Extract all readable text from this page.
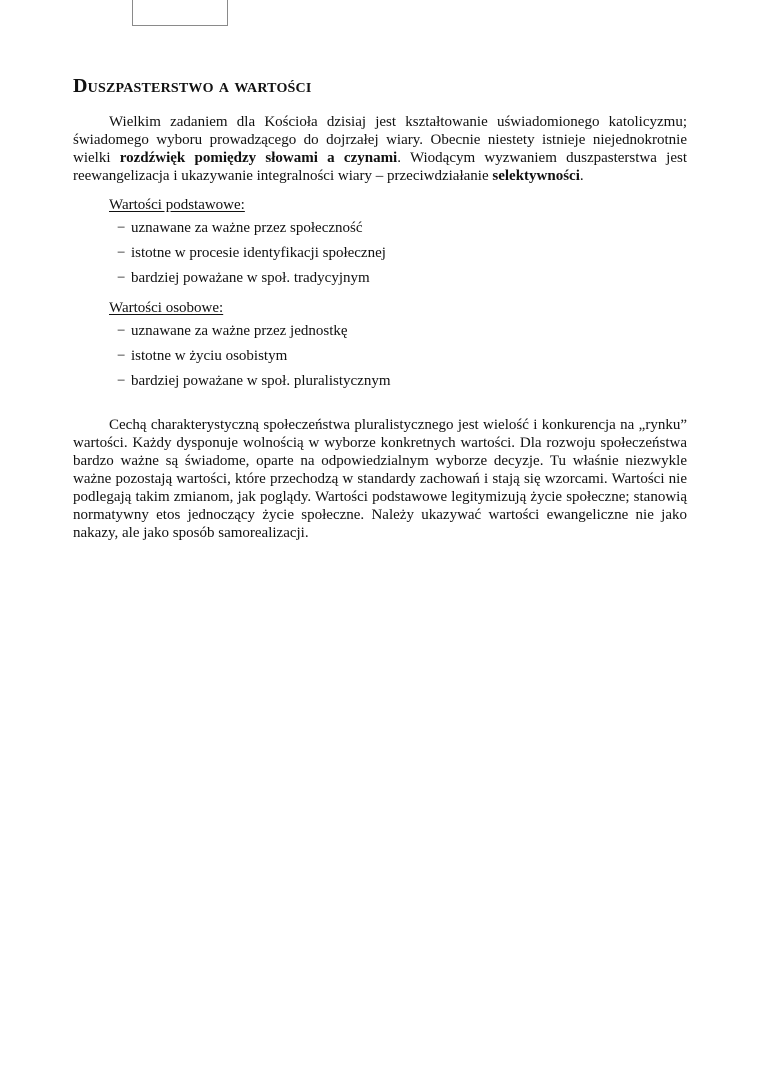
Duszpasterstwo a wartości

Wielkim zadaniem dla Kościoła dzisiaj jest kształtowanie uświadomionego katolicyzmu; świadomego wyboru prowadzącego do dojrzałej wiary. Obecnie niestety istnieje niejednokrotnie wielki rozdźwięk pomiędzy słowami a czynami. Wiodącym wyzwaniem duszpasterstwa jest reewangelizacja i ukazywanie integralności wiary – przeciwdziałanie selektywności.

Wartości podstawowe:
− uznawane za ważne przez społeczność
− istotne w procesie identyfikacji społecznej
− bardziej poważane w społ. tradycyjnym
Wartości osobowe:
− uznawane za ważne przez jednostkę
− istotne w życiu osobistym
− bardziej poważane w społ. pluralistycznym

Cechą charakterystyczną społeczeństwa pluralistycznego jest wielość i konkurencja na „rynku” wartości. Każdy dysponuje wolnością w wyborze konkretnych wartości. Dla rozwoju społeczeństwa bardzo ważne są świadome, oparte na odpowiedzialnym wyborze decyzje. Tu właśnie niezwykle ważne pozostają wartości, które przechodzą w standardy zachowań i stają się wzorcami. Wartości nie podlegają takim zmianom, jak poglądy. Wartości podstawowe legitymizują życie społeczne; stanowią normatywny etos jednoczący życie społeczne. Należy ukazywać wartości ewangeliczne nie jako nakazy, ale jako sposób samorealizacji.
